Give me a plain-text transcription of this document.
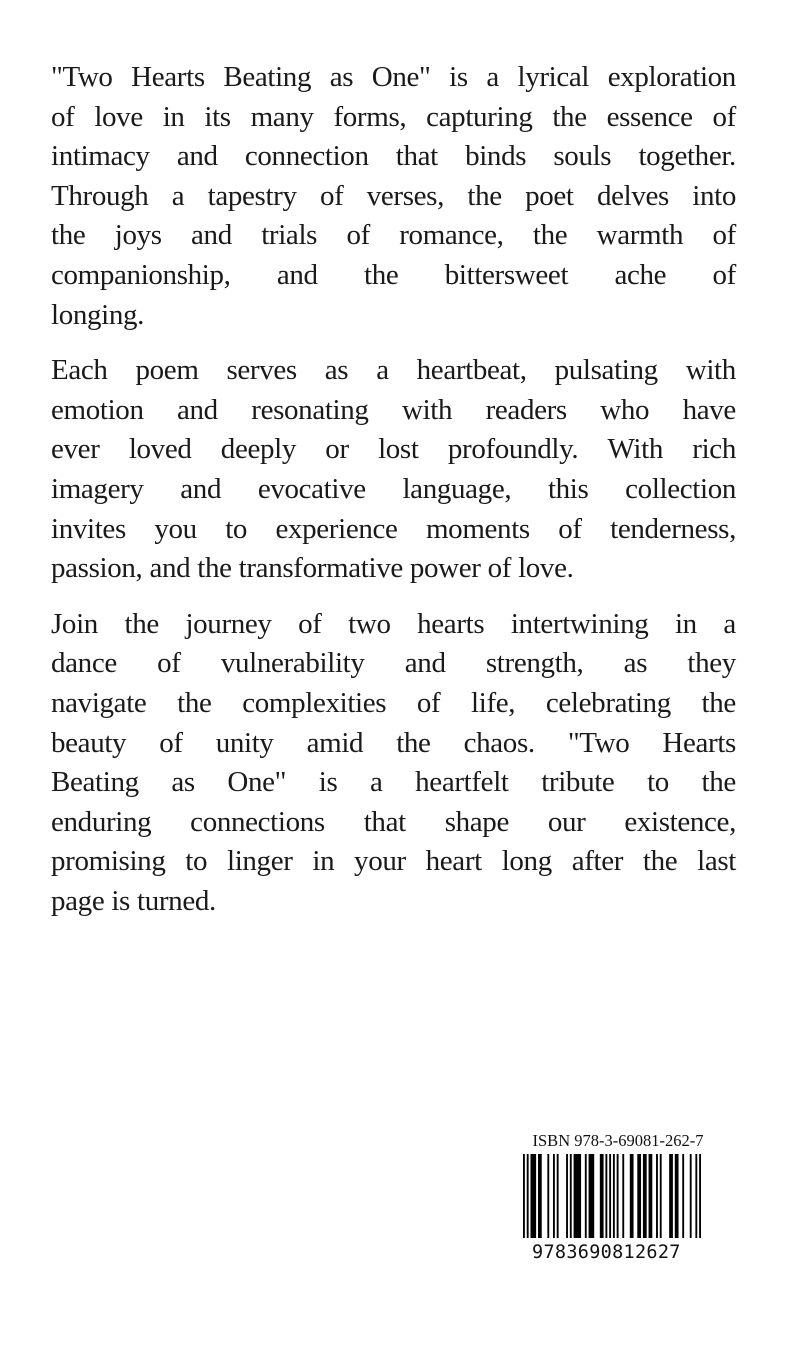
"Two Hearts Beating as One" is a lyrical exploration
of love in its many forms, capturing the essence of
intimacy and connection that binds souls together.
Through a tapestry of verses, the poet delves into
the joys and trials of romance, the warmth of
companionship, and the bittersweet ache of
longing.
Each poem serves as a heartbeat, pulsating with
emotion and resonating with readers who have
ever loved deeply or lost profoundly. With rich
imagery and evocative language, this collection
invites you to experience moments of tenderness,
passion, and the transformative power of love.
Join the journey of two hearts intertwining in a
dance of vulnerability and strength, as they
navigate the complexities of life, celebrating the
beauty of unity amid the chaos. "Two Hearts
Beating as One" is a heartfelt tribute to the
enduring connections that shape our existence,
promising to linger in your heart long after the last
page is turned.
ISBN 978-3-69081-262-7
9783690812627
